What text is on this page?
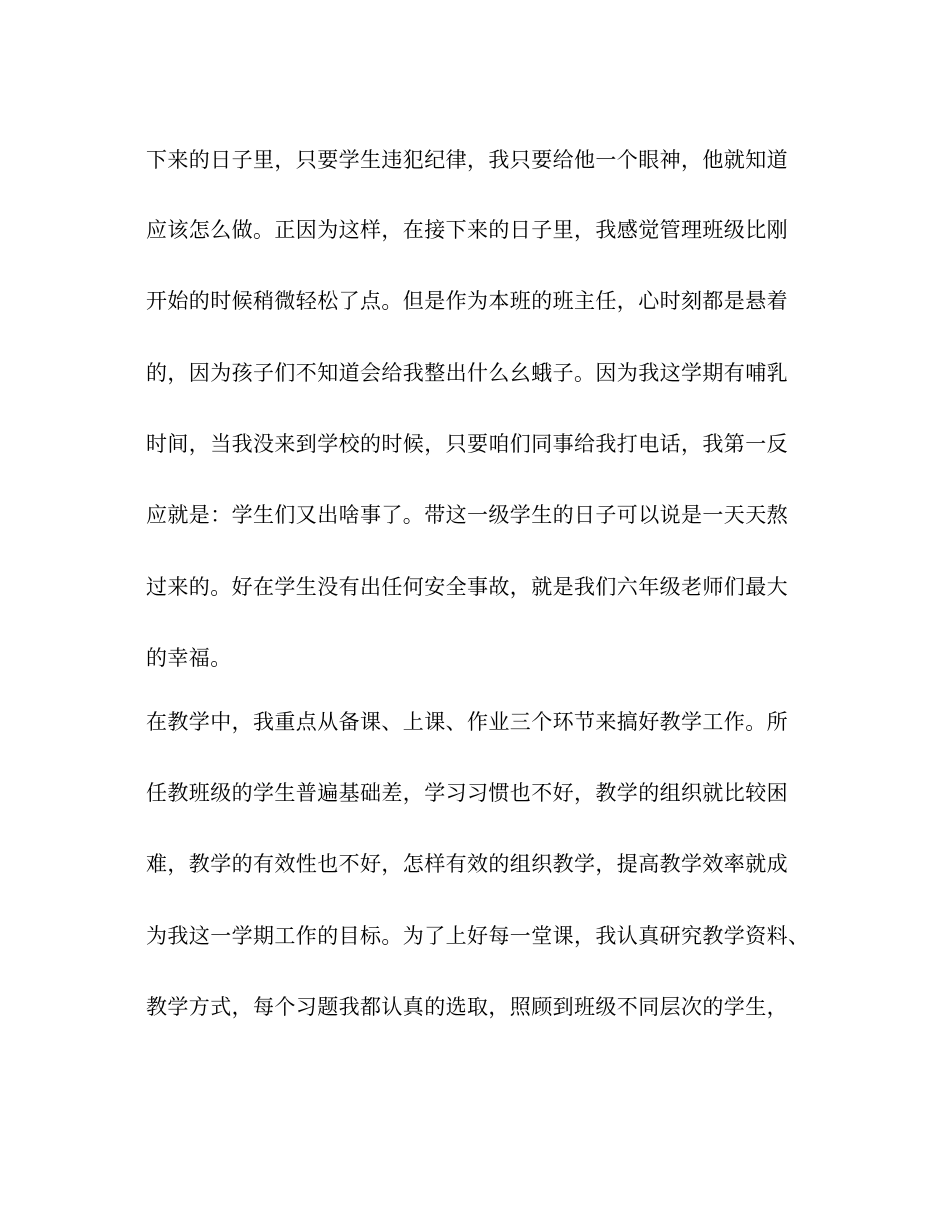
下来的日子里，只要学生违犯纪律，我只要给他一个眼神，他就知道
应该怎么做。正因为这样，在接下来的日子里，我感觉管理班级比刚
开始的时候稍微轻松了点。但是作为本班的班主任，心时刻都是悬着
的，因为孩子们不知道会给我整出什么幺蛾子。因为我这学期有哺乳
时间，当我没来到学校的时候，只要咱们同事给我打电话，我第一反
应就是：学生们又出啥事了。带这一级学生的日子可以说是一天天熬
过来的。好在学生没有出任何安全事故，就是我们六年级老师们最大
的幸福。
在教学中，我重点从备课、上课、作业三个环节来搞好教学工作。所
任教班级的学生普遍基础差，学习习惯也不好，教学的组织就比较困
难，教学的有效性也不好，怎样有效的组织教学，提高教学效率就成
为我这一学期工作的目标。为了上好每一堂课，我认真研究教学资料、
教学方式，每个习题我都认真的选取，照顾到班级不同层次的学生，
